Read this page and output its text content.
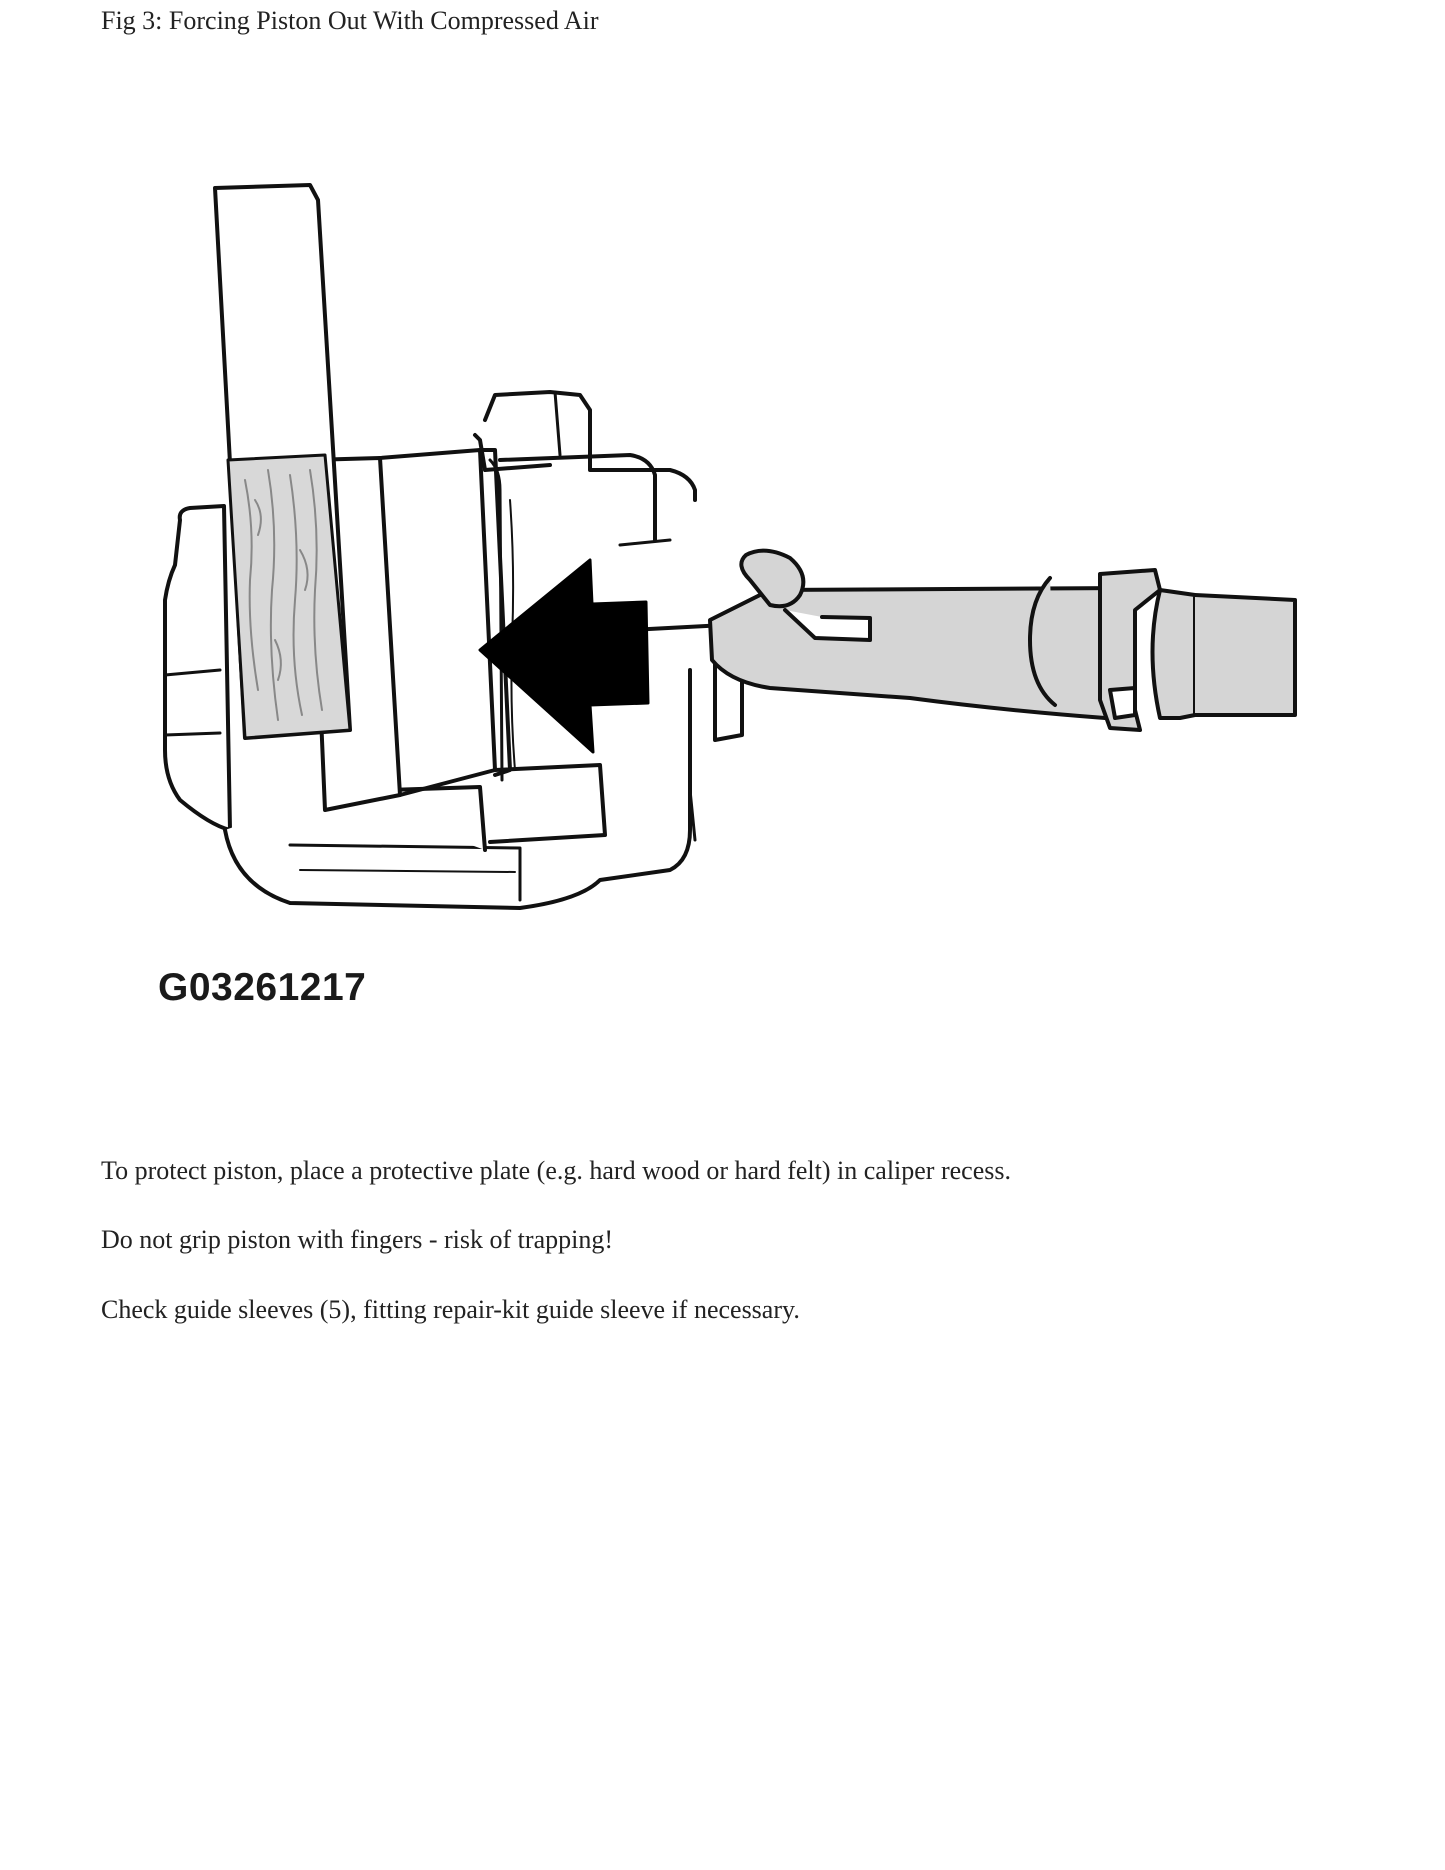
Fig 3: Forcing Piston Out With Compressed Air
G03261217
To protect piston, place a protective plate (e.g. hard wood or hard felt) in caliper recess.
Do not grip piston with fingers - risk of trapping!
Check guide sleeves (5), fitting repair-kit guide sleeve if necessary.
